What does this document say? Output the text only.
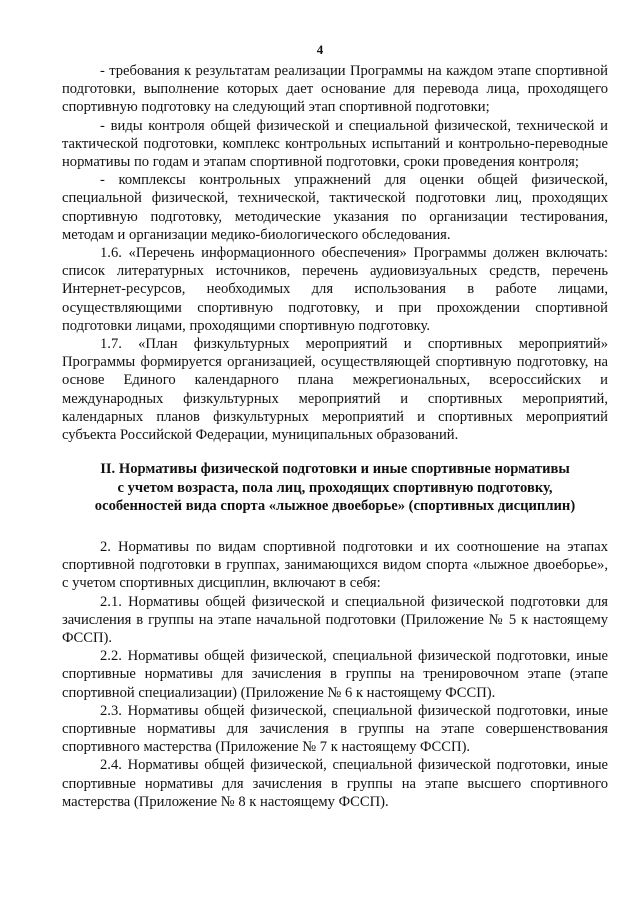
4

- требования к результатам реализации Программы на каждом этапе спортивной подготовки, выполнение которых дает основание для перевода лица, проходящего спортивную подготовку на следующий этап спортивной подготовки;

- виды контроля общей физической и специальной физической, технической и тактической подготовки, комплекс контрольных испытаний и контрольно-переводные нормативы по годам и этапам спортивной подготовки, сроки проведения контроля;

- комплексы контрольных упражнений для оценки общей физической, специальной физической, технической, тактической подготовки лиц, проходящих спортивную подготовку, методические указания по организации тестирования, методам и организации медико-биологического обследования.

1.6. «Перечень информационного обеспечения» Программы должен включать: список литературных источников, перечень аудиовизуальных средств, перечень Интернет-ресурсов, необходимых для использования в работе лицами, осуществляющими спортивную подготовку, и при прохождении спортивной подготовки лицами, проходящими спортивную подготовку.

1.7. «План физкультурных мероприятий и спортивных мероприятий» Программы формируется организацией, осуществляющей спортивную подготовку, на основе Единого календарного плана межрегиональных, всероссийских и международных физкультурных мероприятий и спортивных мероприятий, календарных планов физкультурных мероприятий и спортивных мероприятий субъекта Российской Федерации, муниципальных образований.

II. Нормативы физической подготовки и иные спортивные нормативы
с учетом возраста, пола лиц, проходящих спортивную подготовку,
особенностей вида спорта «лыжное двоеборье» (спортивных дисциплин)

2. Нормативы по видам спортивной подготовки и их соотношение на этапах спортивной подготовки в группах, занимающихся видом спорта «лыжное двоеборье», с учетом спортивных дисциплин, включают в себя:

2.1. Нормативы общей физической и специальной физической подготовки для зачисления в группы на этапе начальной подготовки (Приложение № 5 к настоящему ФССП).

2.2. Нормативы общей физической, специальной физической подготовки, иные спортивные нормативы для зачисления в группы на тренировочном этапе (этапе спортивной специализации) (Приложение № 6 к настоящему ФССП).

2.3. Нормативы общей физической, специальной физической подготовки, иные спортивные нормативы для зачисления в группы на этапе совершенствования спортивного мастерства (Приложение № 7 к настоящему ФССП).

2.4. Нормативы общей физической, специальной физической подготовки, иные спортивные нормативы для зачисления в группы на этапе высшего спортивного мастерства (Приложение № 8 к настоящему ФССП).
